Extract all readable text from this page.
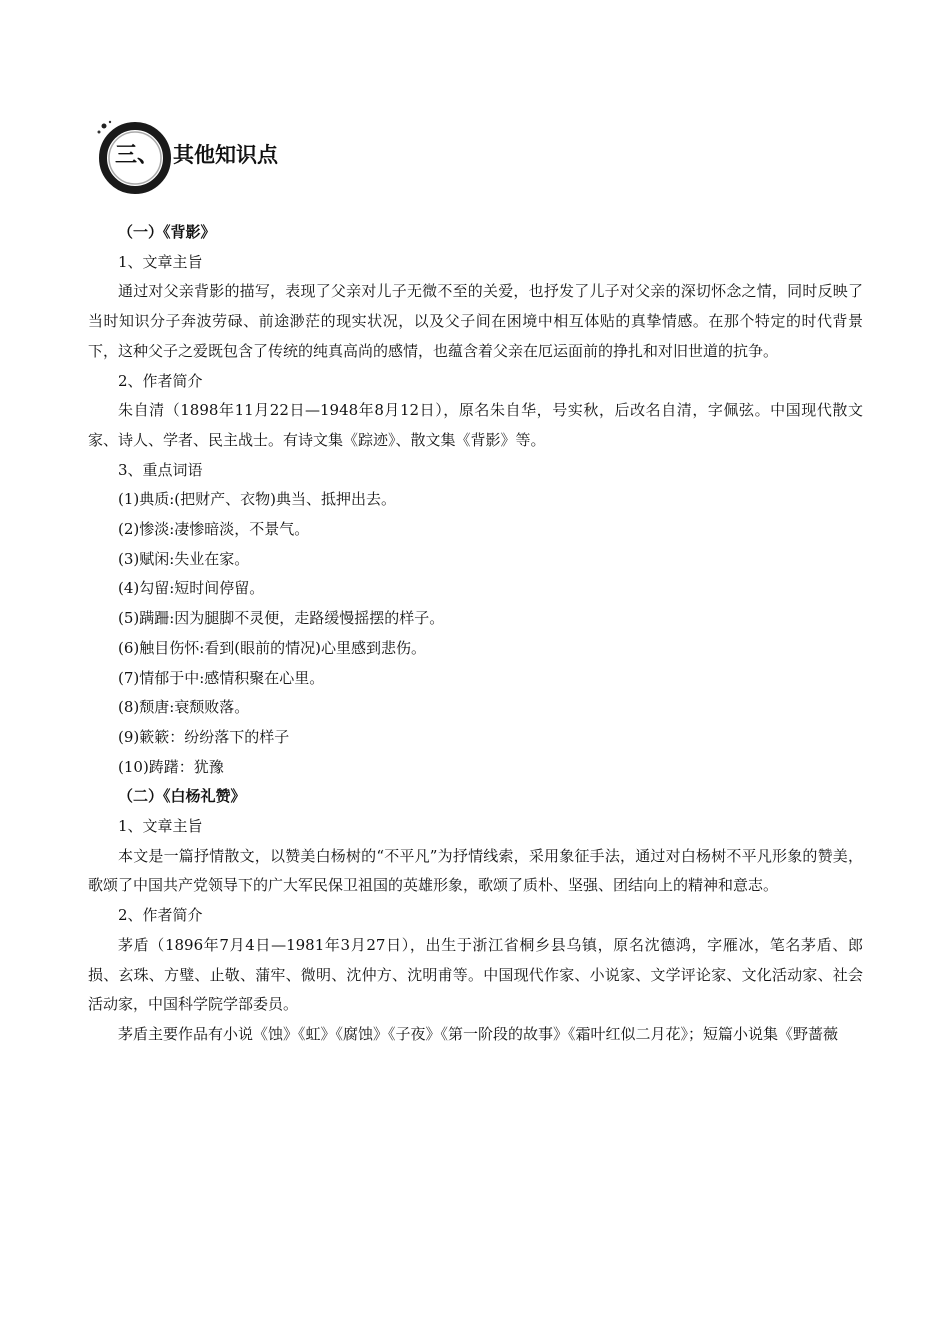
三、 其他知识点

（一）《背影》

1、文章主旨

通过对父亲背影的描写，表现了父亲对儿子无微不至的关爱，也抒发了儿子对父亲的深切怀念之情，同时反映了当时知识分子奔波劳碌、前途渺茫的现实状况，以及父子间在困境中相互体贴的真挚情感。在那个特定的时代背景下，这种父子之爱既包含了传统的纯真高尚的感情，也蕴含着父亲在厄运面前的挣扎和对旧世道的抗争。

2、作者简介

朱自清（1898年11月22日—1948年8月12日），原名朱自华，号实秋，后改名自清，字佩弦。中国现代散文家、诗人、学者、民主战士。有诗文集《踪迹》、散文集《背影》等。

3、重点词语

(1)典质:(把财产、衣物)典当、抵押出去。

(2)惨淡:凄惨暗淡，不景气。

(3)赋闲:失业在家。

(4)勾留:短时间停留。

(5)蹒跚:因为腿脚不灵便，走路缓慢摇摆的样子。

(6)触目伤怀:看到(眼前的情况)心里感到悲伤。

(7)情郁于中:感情积聚在心里。

(8)颓唐:衰颓败落。

(9)簌簌：纷纷落下的样子

(10)踌躇：犹豫

（二）《白杨礼赞》

1、文章主旨

本文是一篇抒情散文，以赞美白杨树的“不平凡”为抒情线索，采用象征手法，通过对白杨树不平凡形象的赞美，歌颂了中国共产党领导下的广大军民保卫祖国的英雄形象，歌颂了质朴、坚强、团结向上的精神和意志。

2、作者简介

茅盾（1896年7月4日—1981年3月27日），出生于浙江省桐乡县乌镇，原名沈德鸿，字雁冰，笔名茅盾、郎损、玄珠、方璧、止敬、蒲牢、微明、沈仲方、沈明甫等。中国现代作家、小说家、文学评论家、文化活动家、社会活动家，中国科学院学部委员。

茅盾主要作品有小说《蚀》《虹》《腐蚀》《子夜》《第一阶段的故事》《霜叶红似二月花》；短篇小说集《野蔷薇
